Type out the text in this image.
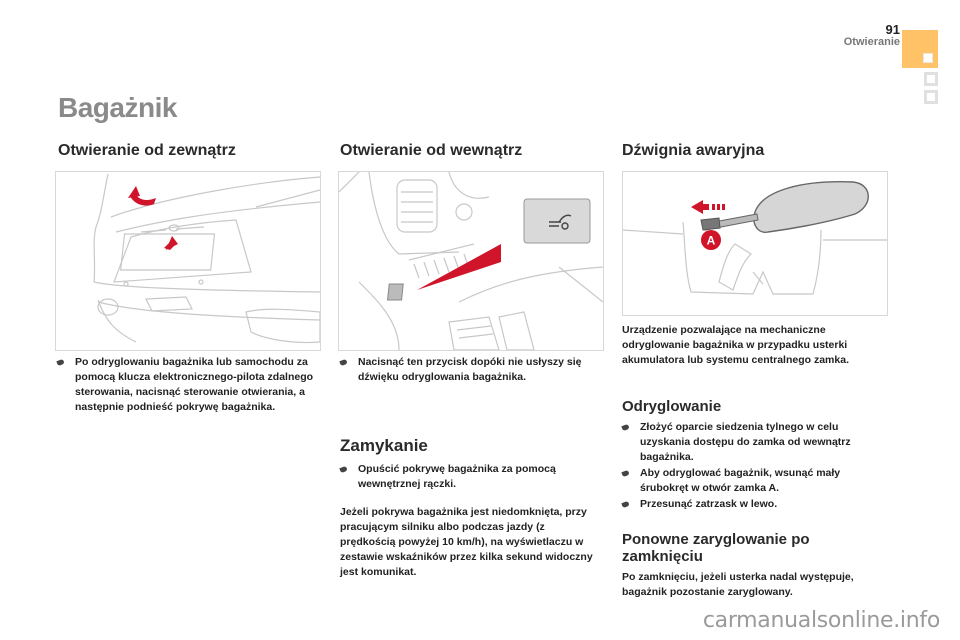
91
Otwieranie
Bagażnik
Otwieranie od zewnątrz
Po odryglowaniu bagażnika lub samochodu za pomocą klucza elektronicznego-pilota zdalnego sterowania, nacisnąć sterowanie otwierania, a następnie podnieść pokrywę bagażnika.
Otwieranie od wewnątrz
Nacisnąć ten przycisk dopóki nie usłyszy się dźwięku odryglowania bagażnika.
Zamykanie
Opuścić pokrywę bagażnika za pomocą wewnętrznej rączki.
Jeżeli pokrywa bagażnika jest niedomknięta, przy pracującym silniku albo podczas jazdy (z prędkością powyżej 10 km/h), na wyświetlaczu w zestawie wskaźników przez kilka sekund widoczny jest komunikat.
Dźwignia awaryjna
A
Urządzenie pozwalające na mechaniczne odryglowanie bagażnika w przypadku usterki akumulatora lub systemu centralnego zamka.
Odryglowanie
Złożyć oparcie siedzenia tylnego w celu uzyskania dostępu do zamka od wewnątrz bagażnika.
Aby odryglować bagażnik, wsunąć mały śrubokręt w otwór zamka A.
Przesunąć zatrzask w lewo.
Ponowne zaryglowanie po zamknięciu
Po zamknięciu, jeżeli usterka nadal występuje, bagażnik pozostanie zaryglowany.
carmanualsonline.info
